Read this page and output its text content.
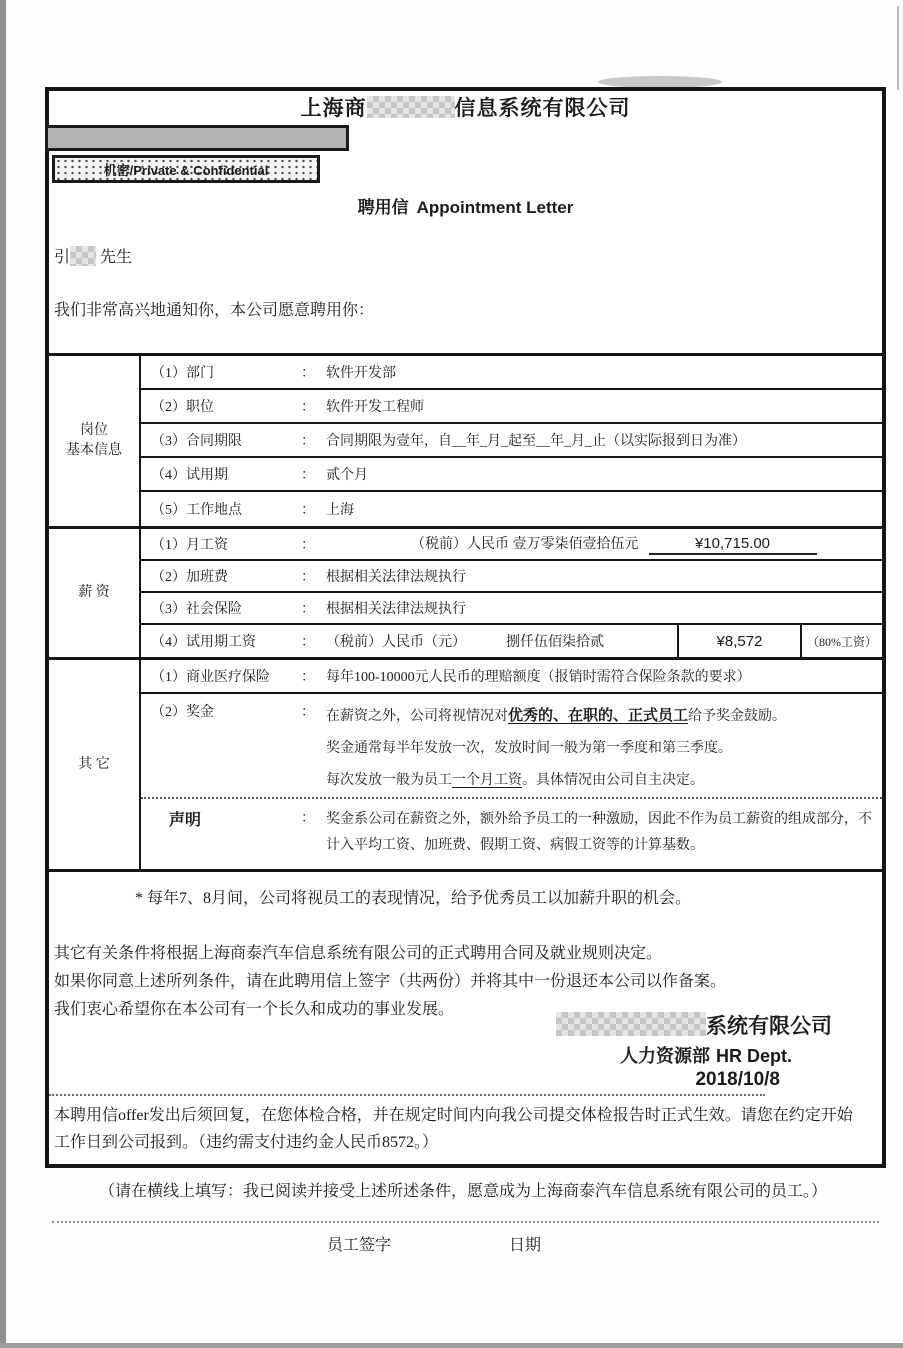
上海商	信息系统有限公司
机密/Private & Confidential
聘用信 Appointment Letter
引 先生
我们非常高兴地通知你，本公司愿意聘用你：
岗位
基本信息
（1）部门	： 软件开发部
（2）职位	： 软件开发工程师
（3）合同期限	： 合同期限为壹年，自__年_月_起至__年_月_止（以实际报到日为准）
（4）试用期	： 贰个月
（5）工作地点	： 上海
薪 资
（1）月工资	：	（税前）人民币 壹万零柒佰壹拾伍元	¥10,715.00
（2）加班费	： 根据相关法律法规执行
（3）社会保险	： 根据相关法律法规执行
（4）试用期工资	： （税前）人民币（元）	捌仟伍佰柒拾贰	¥8,572	（80%工资）
其 它
（1）商业医疗保险	： 每年100-10000元人民币的理赔额度（报销时需符合保险条款的要求）
（2）奖金	： 在薪资之外，公司将视情况对优秀的、在职的、正式员工给予奖金鼓励。

奖金通常每半年发放一次，发放时间一般为第一季度和第三季度。

每次发放一般为员工一个月工资。具体情况由公司自主决定。

声明	： 奖金系公司在薪资之外，额外给予员工的一种激励，因此不作为员工薪资的组成部分，不计入平均工资、加班费、假期工资、病假工资等的计算基数。
* 每年7、8月间，公司将视员工的表现情况，给予优秀员工以加薪升职的机会。
其它有关条件将根据上海商泰汽车信息系统有限公司的正式聘用合同及就业规则决定。
如果你同意上述所列条件，请在此聘用信上签字（共两份）并将其中一份退还本公司以作备案。
我们衷心希望你在本公司有一个长久和成功的事业发展。
系统有限公司
人力资源部 HR Dept.
2018/10/8
本聘用信offer发出后须回复，在您体检合格，并在规定时间内向我公司提交体检报告时正式生效。请您在约定开始工作日到公司报到。（违约需支付违约金人民币8572。）
（请在横线上填写：我已阅读并接受上述所述条件，愿意成为上海商泰汽车信息系统有限公司的员工。）
员工签字	日期
